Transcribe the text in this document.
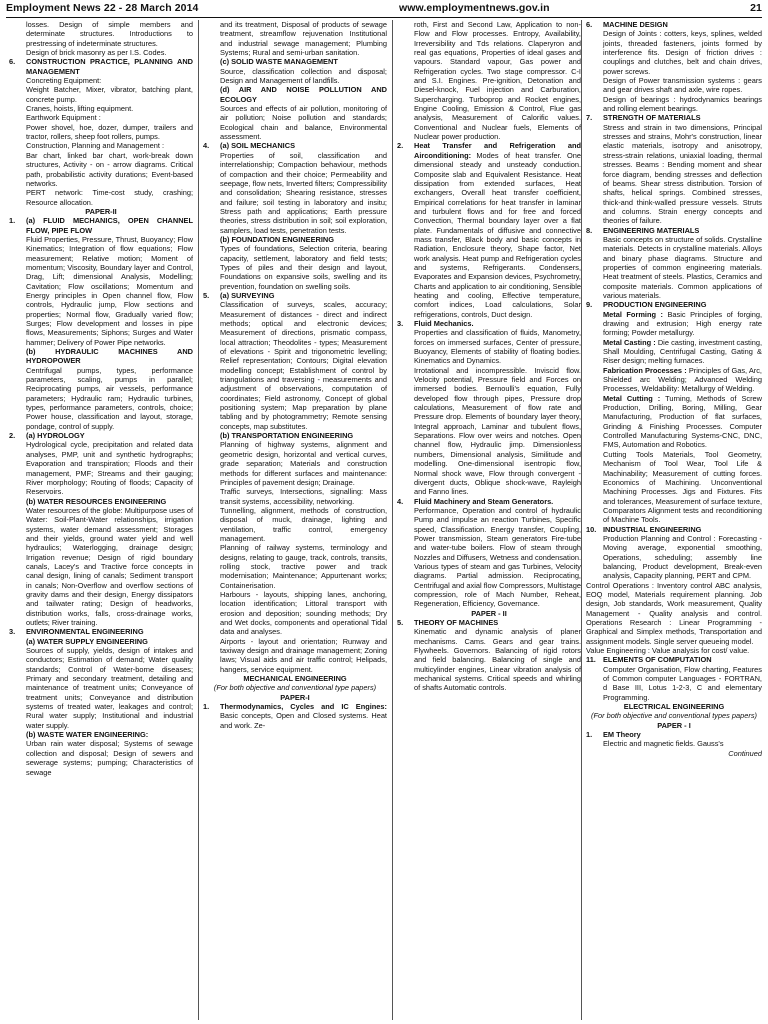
Employment News 22 - 28 March 2014	www.employmentnews.gov.in	21

losses. Design of simple members and determinate structures. Introductions to prestressing of indeterminate structures.

Design of brick masonry as per I.S. Codes.

6.	CONSTRUCTION PRACTICE, PLANNING AND MANAGEMENT

Concreting Equipment:

Weight Batcher, Mixer, vibrator, batching plant, concrete pump.

Cranes, hoists, lifting equipment.

Earthwork Equipment :

Power shovel, hoe, dozer, dumper, trailers and tractor, rollers, sheep foot rollers, pumps.

Construction, Planning and Management :

Bar chart, linked bar chart, work-break down structures, Activity - on - arrow diagrams. Critical path, probabilistic activity durations; Event-based networks.

PERT network: Time-cost study, crashing; Resource allocation.

PAPER-II

1.	(a) FLUID MECHANICS, OPEN CHANNEL FLOW, PIPE FLOW

Fluid Properties, Pressure, Thrust, Buoyancy; Flow Kinematics; Integration of flow equations; Flow measurement; Relative motion; Moment of momentum; Viscosity, Boundary layer and Control, Drag, Lift; dimensional Analysis, Modelling; Cavitation; Flow oscillations; Momentum and Energy principles in Open channel flow, Flow controls, Hydraulic jump, Flow sections and properties; Normal flow, Gradually varied flow; Surges; Flow development and losses in pipe flows, Measurements; Siphons; Surges and Water hammer; Delivery of Power Pipe networks.

(b) HYDRAULIC MACHINES AND HYDROPOWER

Centrifugal pumps, types, performance parameters, scaling, pumps in parallel; Reciprocating pumps, air vessels, performance parameters; Hydraulic ram; Hydraulic turbines, types, performance parameters, controls, choice; Power house, classification and layout, storage, pondage, control of supply.

2.	(a) HYDROLOGY

Hydrological cycle, precipitation and related data analyses, PMP, unit and synthetic hydrographs; Evaporation and transpiration; Floods and their management, PMF; Streams and their gauging; River morphology; Routing of floods; Capacity of Reservoirs.

(b) WATER RESOURCES ENGINEERING

Water resources of the globe: Multipurpose uses of Water: Soil-Plant-Water relationships, irrigation systems, water demand assessment; Storages and their yields, ground water yield and well hydraulics; Waterlogging, drainage design; Irrigation revenue; Design of rigid boundary canals, Lacey's and Tractive force concepts in canal design, lining of canals; Sediment transport in canals; Non-Overflow and overflow sections of gravity dams and their design, Energy dissipators and tailwater rating; Design of headworks, distribution works, falls, cross-drainage works, outlets; River training.

3.	ENVIRONMENTAL ENGINEERING

(a) WATER SUPPLY ENGINEERING

Sources of supply, yields, design of intakes and conductors; Estimation of demand; Water quality standards; Control of Water-borne diseases; Primary and secondary treatment, detailing and maintenance of treatment units; Conveyance of treatment units; Conveyance and distribution systems of treated water, leakages and control; Rural water supply; Institutional and industrial water supply.

(b) WASTE WATER ENGINEERING:

Urban rain water disposal; Systems of sewage collection and disposal; Design of sewers and sewerage systems; pumping; Characteristics of sewage

and its treatment, Disposal of products of sewage treatment, streamflow rejuvenation Institutional and industrial sewage management; Plumbing Systems; Rural and semi-urban sanitation.

(c) SOLID WASTE MANAGEMENT

Source, classification collection and disposal; Design and Management of landfills.

(d) AIR AND NOISE POLLUTION AND ECOLOGY

Sources and effects of air pollution, monitoring of air pollution; Noise pollution and standards; Ecological chain and balance, Environmental assessment.

4.	(a) SOIL MECHANICS

Properties of soil, classification and interrelationship; Compaction behaviour, methods of compaction and their choice; Permeability and seepage, flow nets, Inverted filters; Compressibility and consolidation; Shearing resistance, stresses and failure; soil testing in laboratory and insitu; Stress path and applications; Earth pressure theories, stress distribution in soil; soil exploration, samplers, load tests, penetration tests.

(b) FOUNDATION ENGINEERING

Types of foundations, Selection criteria, bearing capacity, settlement, laboratory and field tests; Types of piles and their design and layout, Foundations on expansive soils, swelling and its prevention, foundation on swelling soils.

5.	(a) SURVEYING

Classification of surveys, scales, accuracy; Measurement of distances - direct and indirect methods; optical and electronic devices; Measurement of directions, prismatic compass, local attraction; Theodolites - types; Measurement of elevations - Spirit and trigonometric levelling; Relief representation; Contours; Digital elevation modelling concept; Establishment of control by triangulations and traversing - measurements and adjustment of observations, computation of coordinates; Field astronomy, Concept of global positioning system; Map preparation by plane tabling and by photogrammetry; Remote sensing concepts, map substitutes.

(b) TRANSPORTATION ENGINEERING

Planning of highway systems, alignment and geometric design, horizontal and vertical curves, grade separation; Materials and construction methods for different surfaces and maintenance: Principles of pavement design; Drainage.

Traffic surveys, Intersections, signalling: Mass transit systems, accessibility, networking.

Tunnelling, alignment, methods of construction, disposal of muck, drainage, lighting and ventilation, traffic control, emergency management.

Planning of railway systems, terminology and designs, relating to gauge, track, controls, transits, rolling stock, tractive power and track modernisation; Maintenance; Appurtenant works; Containerisation.

Harbours - layouts, shipping lanes, anchoring, location identification; Littoral transport with erosion and deposition; sounding methods; Dry and Wet docks, components and operational Tidal data and analyses.

Airports - layout and orientation; Runway and taxiway design and drainage management; Zoning laws; Visual aids and air traffic control; Helipads, hangers, service equipment.

MECHANICAL ENGINEERING

(For both objective and conventional type papers)

PAPER-I

1.	Thermodynamics, Cycles and IC Engines: Basic concepts, Open and Closed systems. Heat and work. Ze-

roth, First and Second Law, Application to non-Flow and Flow processes. Entropy, Availability, Irreversibility and Tds relations. Claperyron and real gas equations, Properties of ideal gases and vapours. Standard vapour, Gas power and Refrigeration cycles. Two stage compressor. C-I and S.I. Engines. Pre-ignition, Detonation and Diesel-knock, Fuel injection and Carburation, Supercharging. Turboprop and Rocket engines, Engine Cooling, Emission & Control, Flue gas analysis, Measurement of Calorific values. Conventional and Nuclear fuels, Elements of Nuclear power production.

2.	Heat Transfer and Refrigeration and Airconditioning: Modes of heat transfer. One dimensional steady and unsteady conduction. Composite slab and Equivalent Resistance. Heat dissipation from extended surfaces, Heat exchangers, Overall heat transfer coefficient, Empirical correlations for heat transfer in laminar and turbulent flows and for free and forced Convection, Thermal boundary layer over a flat plate. Fundamentals of diffusive and connective mass transfer, Black body and basic concepts in Radiation, Enclosure theory, Shape factor, Net work analysis. Heat pump and Refrigeration cycles and systems, Refrigerants. Condensers, Evaporates and Expansion devices, Psychrometry, Charts and application to air conditioning, Sensible heating and cooling, Effective temperature, comfort indices, Load calculations, Solar refrigerations, controls, Duct design.

3.	Fluid Mechanics.

Properties and classification of fluids, Manometry, forces on immersed surfaces, Center of pressure, Buoyancy, Elements of stability of floating bodies. Kinematics and Dynamics.

Irrotational and incompressible. Inviscid flow. Velocity potential, Pressure field and Forces on immersed bodies. Bernoulli's equation, Fully developed flow through pipes, Pressure drop calculations, Measurement of flow rate and Pressure drop. Elements of boundary layer theory, Integral approach, Laminar and tubulent flows, Separations. Flow over weirs and notches. Open channel flow, Hydraulic jimp. Dimensionless numbers, Dimensional analysis, Similitude and modelling. One-dimensional isentropic flow, Normal shock wave, Flow through convergent - divergent ducts, Oblique shock-wave, Rayleigh and Fanno lines.

4.	Fluid Machinery and Steam Generators.

Performance, Operation and control of hydraulic Pump and impulse an reaction Turbines, Specific speed, Classification. Energy transfer, Coupling, Power transmission, Steam generators Fire-tube and water-tube boilers. Flow of steam through Nozzles and Diffusers, Wetness and condensation. Various types of steam and gas Turbines, Velocity diagrams. Partial admission. Reciprocating, Centrifugal and axial flow Compressors, Multistage compression, role of Mach Number, Reheat, Regeneration, Efficiency, Governance.

PAPER - II

5.	THEORY OF MACHINES

Kinematic and dynamic analysis of planer mechanisms. Cams. Gears and gear trains. Flywheels. Governors. Balancing of rigid rotors and field balancing. Balancing of single and multicylinder engines, Linear vibration analysis of mechanical systems. Critical speeds and whirling of shafts Automatic controls.

6.	MACHINE DESIGN

Design of Joints : cotters, keys, splines, welded joints, threaded fasteners, joints formed by interference fits. Design of friction drives : couplings and clutches, belt and chain drives, power screws.

Design of Power transmission systems : gears and gear drives shaft and axle, wire ropes.

Design of bearings : hydrodynamics bearings and rolling element bearings.

7.	STRENGTH OF MATERIALS

Stress and strain in two dimensions, Principal stresses and strains, Mohr's construction, linear elastic materials, isotropy and anisotropy, stress-strain relations, uniaxial loading, thermal stresses. Beams : Bending moment and shear force diagram, bending stresses and deflection of beams. Shear stress distribution. Torsion of shafts, helical springs. Combined stresses, thick-and think-walled pressure vessels. Struts and columns. Strain energy concepts and theories of failure.

8.	ENGINEERING MATERIALS

Basic concepts on structure of solids. Crystalline materials. Detects in crystalline materials. Alloys and binary phase diagrams. Structure and properties of common engineering materials. Heat treatment of steels. Plastics, Ceramics and composite materials. Common applications of various materials.

9.	PRODUCTION ENGINEERING

Metal Forming : Basic Principles of forging, drawing and extrusion; High energy rate forming; Powder metallurgy.

Metal Casting : Die casting, investment casting, Shall Moulding, Centrifugal Casting, Gating & Riser design; melting furnaces.

Fabrication Processes : Principles of Gas, Arc, Shielded arc Welding; Advanced Welding Processes, Weldability: Metallurgy of Welding.

Metal Cutting : Turning, Methods of Screw Production, Drilling, Boring, Milling, Gear Manufacturing, Production of flat surfaces, Grinding & Finishing Processes. Computer Controlled Manufacturing Systems-CNC, DNC, FMS, Automation and Robotics.

Cutting Tools Materials, Tool Geometry, Mechanism of Tool Wear, Tool Life & Machinability; Measurement of cutting forces. Economics of Machining. Unconventional Machining Processes. Jigs and Fixtures. Fits and tolerances, Measurement of surface texture, Comparators Alignment tests and reconditioning of Machine Tools.

10. INDUSTRIAL ENGINEERING

Production Planning and Control : Forecasting - Moving average, exponential smoothing, Operations, scheduling; assembly line balancing, Product development, Break-even analysis, Capacity planning, PERT and CPM.

Control Operations : Inventory control ABC analysis, EOQ model, Materials requirement planning. Job design, Job standards, Work measurement, Quality Management - Quality analysis and control. Operations Research : Linear Programming - Graphical and Simplex methods, Transportation and assignment models. Single server queueing model.

Value Engineering : Value analysis for cost/ value.

11. ELEMENTS OF COMPUTATION

Computer Organisation, Flow charting, Features of Common computer Languages - FORTRAN, d Base III, Lotus 1-2-3, C and elementary Programming.

ELECTRICAL ENGINEERING

(For both objective and conventional types papers)

PAPER - I

1.	EM Theory

Electric and magnetic fields. Gauss's

Continued
